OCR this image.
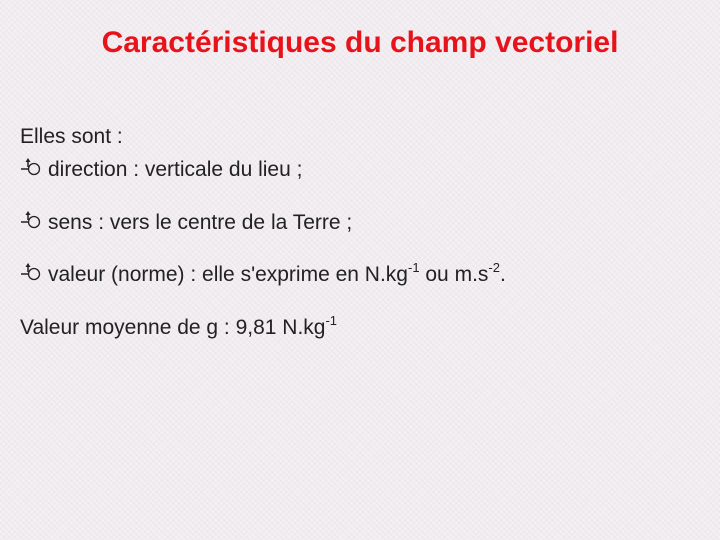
Caractéristiques du champ vectoriel
Elles sont :
direction : verticale du lieu ;
sens : vers le centre de la Terre ;
valeur (norme) : elle s'exprime en $N.kg^{-1}$ ou $m.s^{-2}$.
Valeur moyenne de g : 9,81 $N.kg^{-1}$
